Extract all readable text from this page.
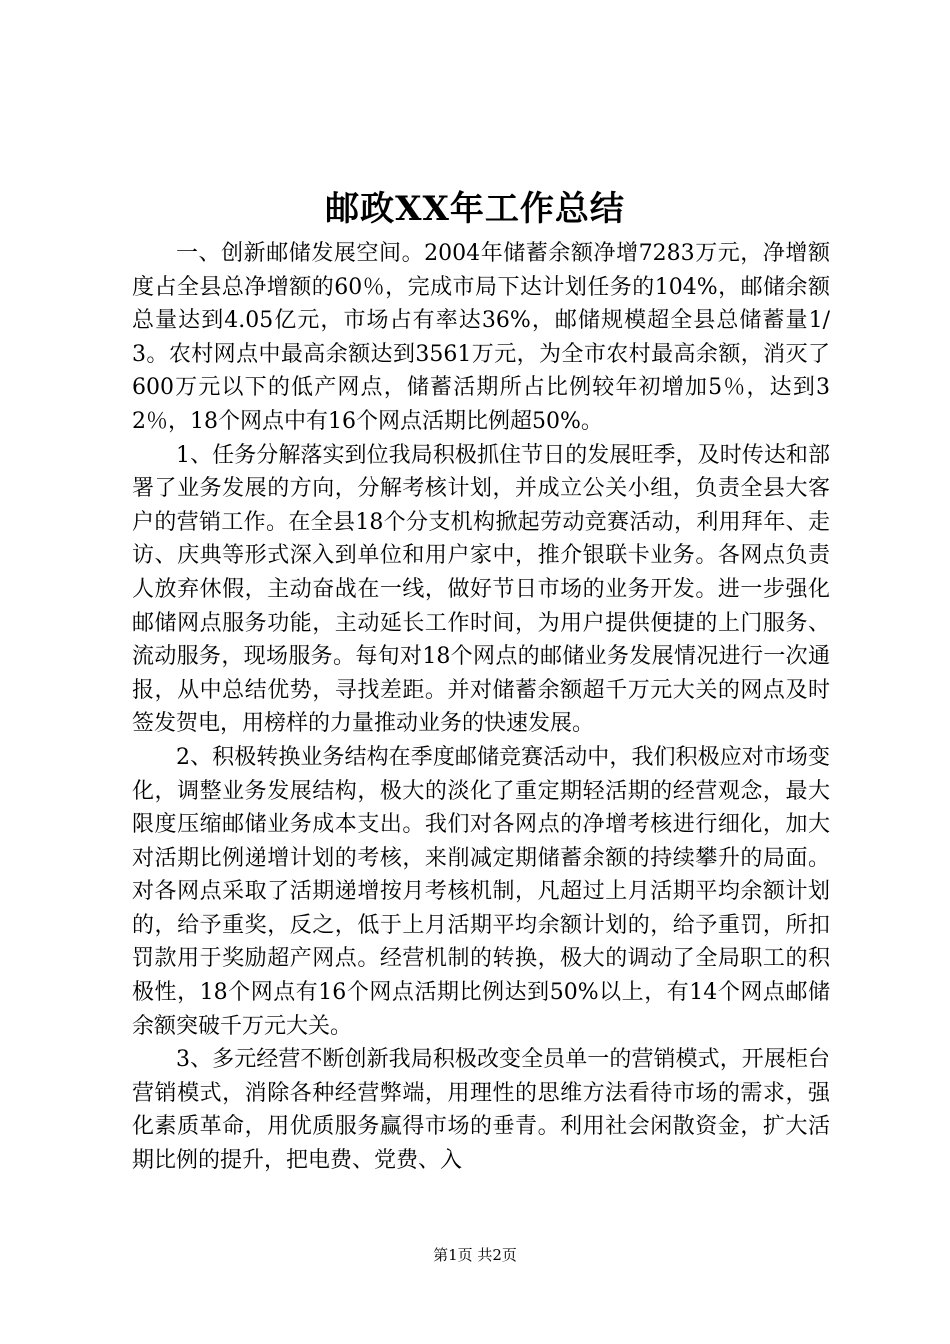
邮政XX年工作总结

一、创新邮储发展空间。2004年储蓄余额净增7283万元，净增额度占全县总净增额的60％，完成市局下达计划任务的104%，邮储余额总量达到4.05亿元，市场占有率达36%，邮储规模超全县总储蓄量1/3。农村网点中最高余额达到3561万元，为全市农村最高余额，消灭了600万元以下的低产网点，储蓄活期所占比例较年初增加5％，达到32％，18个网点中有16个网点活期比例超50%。

1、任务分解落实到位我局积极抓住节日的发展旺季，及时传达和部署了业务发展的方向，分解考核计划，并成立公关小组，负责全县大客户的营销工作。在全县18个分支机构掀起劳动竞赛活动，利用拜年、走访、庆典等形式深入到单位和用户家中，推介银联卡业务。各网点负责人放弃休假，主动奋战在一线，做好节日市场的业务开发。进一步强化邮储网点服务功能，主动延长工作时间，为用户提供便捷的上门服务、流动服务，现场服务。每旬对18个网点的邮储业务发展情况进行一次通报，从中总结优势，寻找差距。并对储蓄余额超千万元大关的网点及时签发贺电，用榜样的力量推动业务的快速发展。

2、积极转换业务结构在季度邮储竞赛活动中，我们积极应对市场变化，调整业务发展结构，极大的淡化了重定期轻活期的经营观念，最大限度压缩邮储业务成本支出。我们对各网点的净增考核进行细化，加大对活期比例递增计划的考核，来削减定期储蓄余额的持续攀升的局面。对各网点采取了活期递增按月考核机制，凡超过上月活期平均余额计划的，给予重奖，反之，低于上月活期平均余额计划的，给予重罚，所扣罚款用于奖励超产网点。经营机制的转换，极大的调动了全局职工的积极性，18个网点有16个网点活期比例达到50%以上，有14个网点邮储余额突破千万元大关。

3、多元经营不断创新我局积极改变全员单一的营销模式，开展柜台营销模式，消除各种经营弊端，用理性的思维方法看待市场的需求，强化素质革命，用优质服务赢得市场的垂青。利用社会闲散资金，扩大活期比例的提升，把电费、党费、入

第1页 共2页
